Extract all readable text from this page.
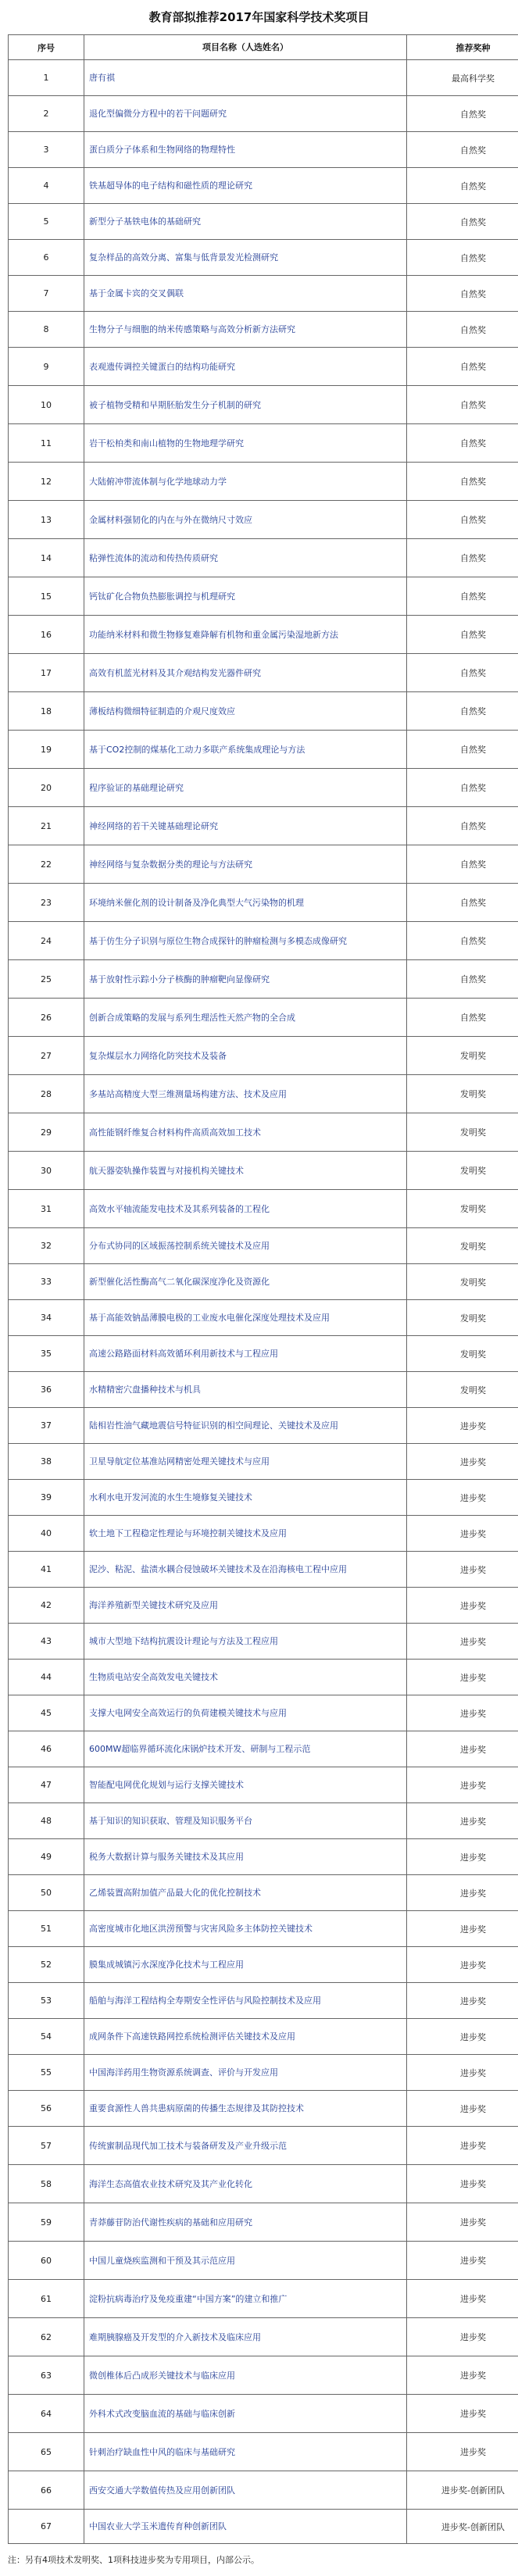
教育部拟推荐2017年国家科学技术奖项目
序号	项目名称（人选姓名）	推荐奖种
1	唐有祺	最高科学奖
2	退化型偏微分方程中的若干问题研究	自然奖
3	蛋白质分子体系和生物网络的物理特性	自然奖
4	铁基超导体的电子结构和磁性质的理论研究	自然奖
5	新型分子基铁电体的基础研究	自然奖
6	复杂样品的高效分离、富集与低背景发光检测研究	自然奖
7	基于金属卡宾的交叉偶联	自然奖
8	生物分子与细胞的纳米传感策略与高效分析新方法研究	自然奖
9	表观遗传调控关键蛋白的结构功能研究	自然奖
10	被子植物受精和早期胚胎发生分子机制的研究	自然奖
11	岩干松柏类和南山植物的生物地理学研究	自然奖
12	大陆俯冲带流体制与化学地球动力学	自然奖
13	金属材料强韧化的内在与外在微纳尺寸效应	自然奖
14	粘弹性流体的流动和传热传质研究	自然奖
15	钙钛矿化合物负热膨胀调控与机理研究	自然奖
16	功能纳米材料和微生物修复难降解有机物和重金属污染湿地新方法	自然奖
17	高效有机蓝光材料及其介观结构发光器件研究	自然奖
18	薄板结构微细特征制造的介观尺度效应	自然奖
19	基于CO2控制的煤基化工动力多联产系统集成理论与方法	自然奖
20	程序验证的基础理论研究	自然奖
21	神经网络的若干关键基础理论研究	自然奖
22	神经网络与复杂数据分类的理论与方法研究	自然奖
23	环境纳米催化剂的设计制备及净化典型大气污染物的机理	自然奖
24	基于仿生分子识别与原位生物合成探针的肿瘤检测与多模态成像研究	自然奖
25	基于放射性示踪小分子核酶的肿瘤靶向显像研究	自然奖
26	创新合成策略的发展与系列生理活性天然产物的全合成	自然奖
27	复杂煤层水力网络化防突技术及装备	发明奖
28	多基站高精度大型三维测量场构建方法、技术及应用	发明奖
29	高性能钢纤维复合材料构件高质高效加工技术	发明奖
30	航天器姿轨操作装置与对接机构关键技术	发明奖
31	高效水平轴流能发电技术及其系列装备的工程化	发明奖
32	分布式协同的区域振荡控制系统关键技术及应用	发明奖
33	新型催化活性酶高气二氧化碳深度净化及资源化	发明奖
34	基于高能效钠晶薄膜电极的工业废水电催化深度处理技术及应用	发明奖
35	高速公路路面材料高效循环利用新技术与工程应用	发明奖
36	水精精密穴盘播种技术与机具	发明奖
37	陆相岩性油气藏地震信号特征识别的相空间理论、关键技术及应用	进步奖
38	卫星导航定位基准站网精密处理关键技术与应用	进步奖
39	水利水电开发河流的水生生境修复关键技术	进步奖
40	软土地下工程稳定性理论与环境控制关键技术及应用	进步奖
41	泥沙、粘泥、盐渍水耦合侵蚀破坏关键技术及在沿海核电工程中应用	进步奖
42	海洋养殖新型关键技术研究及应用	进步奖
43	城市大型地下结构抗震设计理论与方法及工程应用	进步奖
44	生物质电站安全高效发电关键技术	进步奖
45	支撑大电网安全高效运行的负荷建模关键技术与应用	进步奖
46	600MW超临界循环流化床锅炉技术开发、研制与工程示范	进步奖
47	智能配电网优化规划与运行支撑关键技术	进步奖
48	基于知识的知识获取、管理及知识服务平台	进步奖
49	税务大数据计算与服务关键技术及其应用	进步奖
50	乙烯装置高附加值产品最大化的优化控制技术	进步奖
51	高密度城市化地区洪涝预警与灾害风险多主体防控关键技术	进步奖
52	膜集成城镇污水深度净化技术与工程应用	进步奖
53	船舶与海洋工程结构全寿期安全性评估与风险控制技术及应用	进步奖
54	成网条件下高速铁路网控系统检测评估关键技术及应用	进步奖
55	中国海洋药用生物资源系统调查、评价与开发应用	进步奖
56	重要食源性人兽共患病原菌的传播生态规律及其防控技术	进步奖
57	传统蜜制品现代加工技术与装备研发及产业升级示范	进步奖
58	海洋生态高值农业技术研究及其产业化转化	进步奖
59	青莽藤苷防治代谢性疾病的基础和应用研究	进步奖
60	中国儿童烧疾监测和干预及其示范应用	进步奖
61	淀粉抗病毒治疗及免疫重建“中国方案”的建立和推广	进步奖
62	难期胰腺癌及开发型的介入新技术及临床应用	进步奖
63	微创椎体后凸成形关键技术与临床应用	进步奖
64	外科术式改变脑血流的基础与临床创新	进步奖
65	针刺治疗缺血性中风的临床与基础研究	进步奖
66	西安交通大学数值传热及应用创新团队	进步奖-创新团队
67	中国农业大学玉米遗传育种创新团队	进步奖-创新团队
注：另有4项技术发明奖、1项科技进步奖为专用项目，内部公示。
